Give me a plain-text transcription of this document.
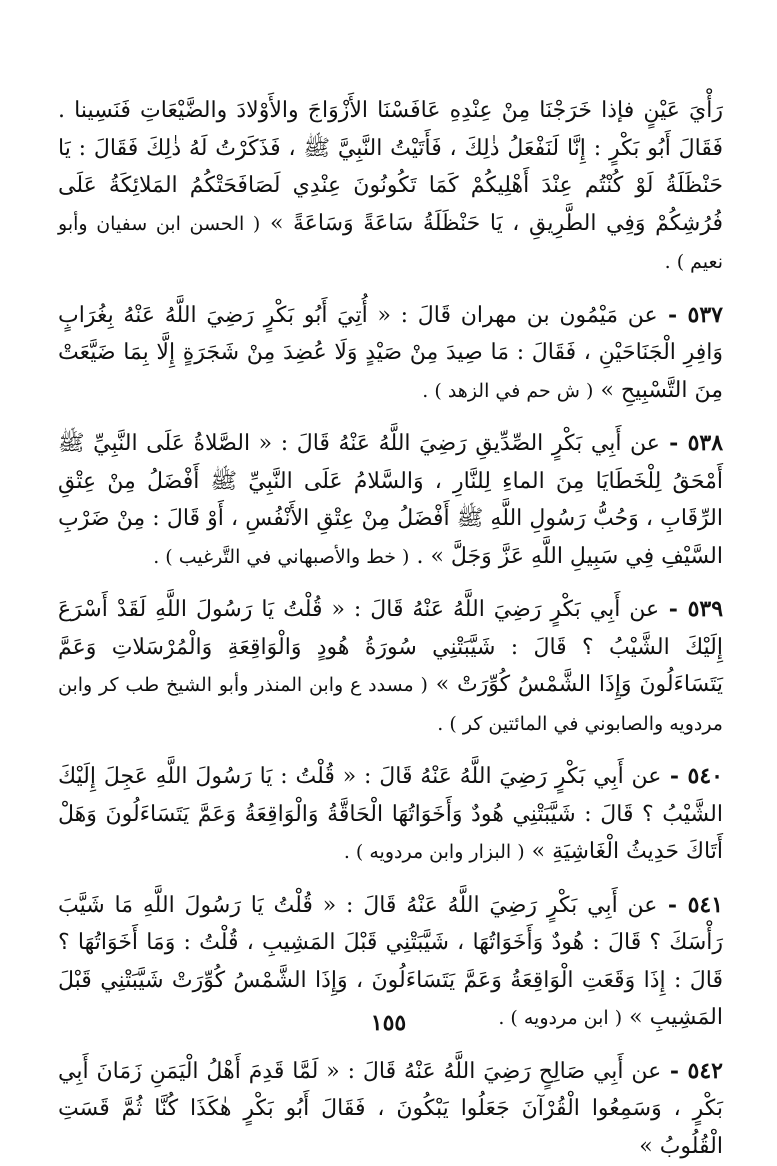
رَأْيَ عَيْنٍ فإذا خَرَجْنَا مِنْ عِنْدِهِ عَافَسْنَا الأَزْوَاجَ والأَوْلادَ والضَّيْعَاتِ فَنَسِينا . فَقَالَ أَبُو بَكْرٍ : إِنَّا لَنَفْعَلُ ذٰلِكَ ، فَأَتَيْتُ النَّبِيَّ ﷺ ، فَذَكَرْتُ لَهُ ذٰلِكَ فَقَالَ : يَا حَنْظَلَةُ لَوْ كُنْتُم عِنْدَ أَهْلِيكُمْ كَمَا تَكُونُونَ عِنْدِي لَصَافَحَتْكُمُ المَلائِكَةُ عَلَى فُرُشِكُمْ وَفِي الطَّرِيقِ ، يَا حَنْظَلَةُ سَاعَةً وَسَاعَةً » ( الحسن ابن سفيان وأبو نعيم ) .

٥٣٧ - عن مَيْمُون بن مهران قَالَ : « أُتِيَ أَبُو بَكْرٍ رَضِيَ اللَّهُ عَنْهُ بِغُرَابٍ وَافِرِ الْجَنَاحَيْنِ ، فَقَالَ : مَا صِيدَ مِنْ صَيْدٍ وَلَا عُضِدَ مِنْ شَجَرَةٍ إِلَّا بِمَا ضَيَّعَتْ مِنَ التَّسْبِيحِ » ( ش حم في الزهد ) .

٥٣٨ - عن أَبِي بَكْرٍ الصِّدِّيقِ رَضِيَ اللَّهُ عَنْهُ قَالَ : « الصَّلاةُ عَلَى النَّبِيِّ ﷺ أَمْحَقُ لِلْخَطَايَا مِنَ الماءِ لِلنَّارِ ، وَالسَّلامُ عَلَى النَّبِيِّ ﷺ أَفْضَلُ مِنْ عِتْقِ الرِّقَابِ ، وَحُبُّ رَسُولِ اللَّهِ ﷺ أَفْضَلُ مِنْ عِتْقِ الأَنْفُسِ ، أَوْ قَالَ : مِنْ ضَرْبِ السَّيْفِ فِي سَبِيلِ اللَّهِ عَزَّ وَجَلَّ » . ( خط والأصبهاني في التَّرغيب ) .

٥٣٩ - عن أَبِي بَكْرٍ رَضِيَ اللَّهُ عَنْهُ قَالَ : « قُلْتُ يَا رَسُولَ اللَّهِ لَقَدْ أَسْرَعَ إِلَيْكَ الشَّيْبُ ؟ قَالَ : شَيَّبَتْنِي سُورَةُ هُودٍ وَالْوَاقِعَةِ وَالْمُرْسَلاتِ وَعَمَّ يَتَسَاءَلُونَ وَإِذَا الشَّمْسُ كُوِّرَتْ » ( مسدد ع وابن المنذر وأبو الشيخ طب كر وابن مردويه والصابوني في المائتين كر ) .

٥٤٠ - عن أَبِي بَكْرٍ رَضِيَ اللَّهُ عَنْهُ قَالَ : « قُلْتُ : يَا رَسُولَ اللَّهِ عَجِلَ إِلَيْكَ الشَّيْبُ ؟ قَالَ : شَيَّبَتْنِي هُودٌ وَأَخَوَاتُهَا الْحَاقَّةُ وَالْوَاقِعَةُ وَعَمَّ يَتَسَاءَلُونَ وَهَلْ أَتَاكَ حَدِيثُ الْغَاشِيَةِ » ( البزار وابن مردويه ) .

٥٤١ - عن أَبِي بَكْرٍ رَضِيَ اللَّهُ عَنْهُ قَالَ : « قُلْتُ يَا رَسُولَ اللَّهِ مَا شَيَّبَ رَأْسَكَ ؟ قَالَ : هُودٌ وَأَخَوَاتُهَا ، شَيَّبَتْنِي قَبْلَ المَشِيبِ ، قُلْتُ : وَمَا أَخَوَاتُهَا ؟ قَالَ : إِذَا وَقَعَتِ الْوَاقِعَةُ وَعَمَّ يَتَسَاءَلُونَ ، وَإِذَا الشَّمْسُ كُوِّرَتْ شَيَّبَتْنِي قَبْلَ المَشِيبِ » ( ابن مردويه ) .

٥٤٢ - عن أَبِي صَالِحٍ رَضِيَ اللَّهُ عَنْهُ قَالَ : « لَمَّا قَدِمَ أَهْلُ الْيَمَنِ زَمَانَ أَبِي بَكْرٍ ، وَسَمِعُوا الْقُرْآنَ جَعَلُوا يَبْكُونَ ، فَقَالَ أَبُو بَكْرٍ هٰكَذَا كُنَّا ثُمَّ قَسَتِ الْقُلُوبُ »

١٥٥
